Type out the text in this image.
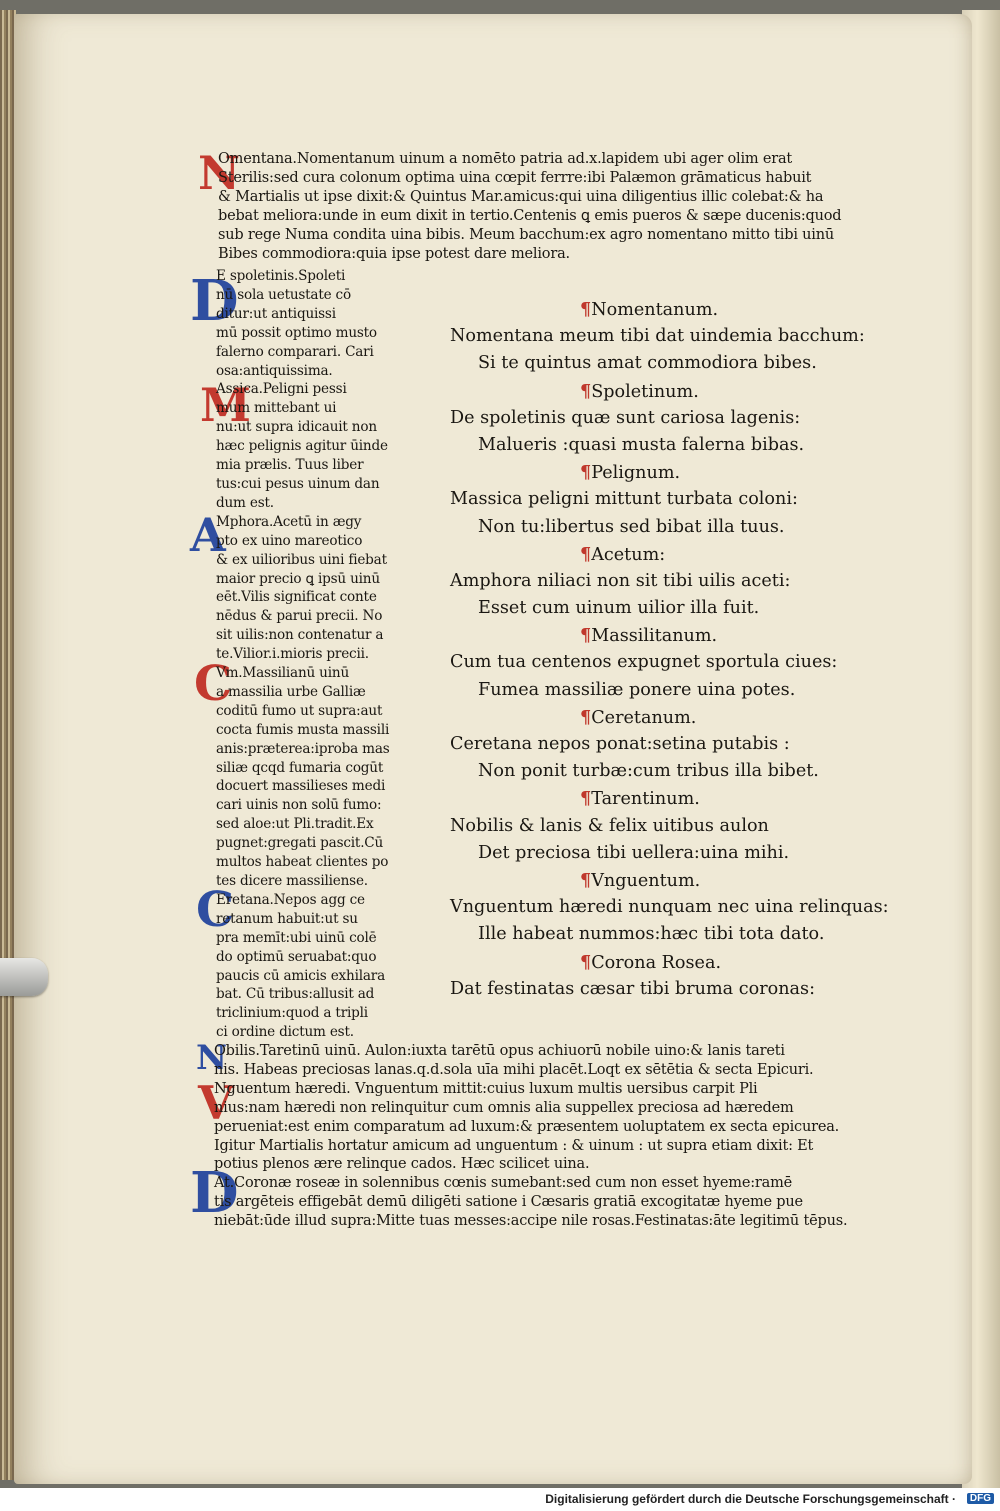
N
D
M
A
C
C
N
V
D
Omentana.Nomentanum uinum a nomēto patria ad.x.lapidem ubi ager olim erat
Sterilis:sed cura colonum optima uina cœpit ferrre:ibi Palæmon grāmaticus habuit
& Martialis ut ipse dixit:& Quintus Mar.amicus:qui uina diligentius illic colebat:& ha
bebat meliora:unde in eum dixit in tertio.Centenis ꝗ emis pueros & sæpe ducenis:quod
sub rege Numa condita uina bibis. Meum bacchum:ex agro nomentano mitto tibi uinū
Bibes commodiora:quia ipse potest dare meliora.
E spoletinis.Spoleti
nū sola uetustate cō
ditur:ut antiquissi
mū possit optimo musto
falerno comparari. Cari
osa:antiquissima.
Assica.Peligni pessi
mum mittebant ui
nu:ut supra idicauit non
hæc pelignis agitur ūinde
mia prælis. Tuus liber
tus:cui pesus uinum dan
dum est.
Mphora.Acetū in ægy
pto ex uino mareotico
& ex uilioribus uini fiebat
maior precio ꝗ ipsū uinū
eēt.Vilis significat conte
nēdus & parui precii. No
sit uilis:non contenatur a
te.Vilior.i.mioris precii.
Vm.Massilianū uinū
a massilia urbe Galliæ
coditū fumo ut supra:aut
cocta fumis musta massili
anis:præterea:iproba mas
siliæ qcqd fumaria cogūt
docuert massilieses medi
cari uinis non solū fumo:
sed aloe:ut Pli.tradit.Ex
pugnet:gregati pascit.Cū
multos habeat clientes po
tes dicere massiliense.
Eretana.Nepos agg ce
retanum habuit:ut su
pra memīt:ubi uinū colē
do optimū seruabat:quo
paucis cū amicis exhilara
bat. Cū tribus:allusit ad
triclinium:quod a tripli
ci ordine dictum est.
¶Nomentanum.
Nomentana meum tibi dat uindemia bacchum:
Si te quintus amat commodiora bibes.
¶Spoletinum.
De spoletinis quæ sunt cariosa lagenis:
Malueris :quasi musta falerna bibas.
¶Pelignum.
Massica peligni mittunt turbata coloni:
Non tu:libertus sed bibat illa tuus.
¶Acetum:
Amphora niliaci non sit tibi uilis aceti:
Esset cum uinum uilior illa fuit.
¶Massilitanum.
Cum tua centenos expugnet sportula ciues:
Fumea massiliæ ponere uina potes.
¶Ceretanum.
Ceretana nepos ponat:setina putabis :
Non ponit turbæ:cum tribus illa bibet.
¶Tarentinum.
Nobilis & lanis & felix uitibus aulon
Det preciosa tibi uellera:uina mihi.
¶Vnguentum.
Vnguentum hæredi nunquam nec uina relinquas:
Ille habeat nummos:hæc tibi tota dato.
¶Corona Rosea.
Dat festinatas cæsar tibi bruma coronas:
Obilis.Taretinū uinū. Aulon:iuxta tarētū opus achiuorū nobile uino:& lanis tareti
nis. Habeas preciosas lanas.q.d.sola uīa mihi placēt.Loqt ex sētētia & secta Epicuri.
Nguentum hæredi. Vnguentum mittit:cuius luxum multis uersibus carpit Pli
nius:nam hæredi non relinquitur cum omnis alia suppellex preciosa ad hæredem
perueniat:est enim comparatum ad luxum:& præsentem uoluptatem ex secta epicurea.
Igitur Martialis hortatur amicum ad unguentum : & uinum : ut supra etiam dixit: Et
potius plenos ære relinque cados. Hæc scilicet uina.
At.Coronæ roseæ in solennibus cœnis sumebant:sed cum non esset hyeme:ramē
tis argēteis effigebāt demū diligēti satione i Cæsaris gratiā excogitatæ hyeme pue
niebāt:ūde illud supra:Mitte tuas messes:accipe nile rosas.Festinatas:āte legitimū tēpus.
Digitalisierung gefördert durch die Deutsche Forschungsgemeinschaft ·	DFG
